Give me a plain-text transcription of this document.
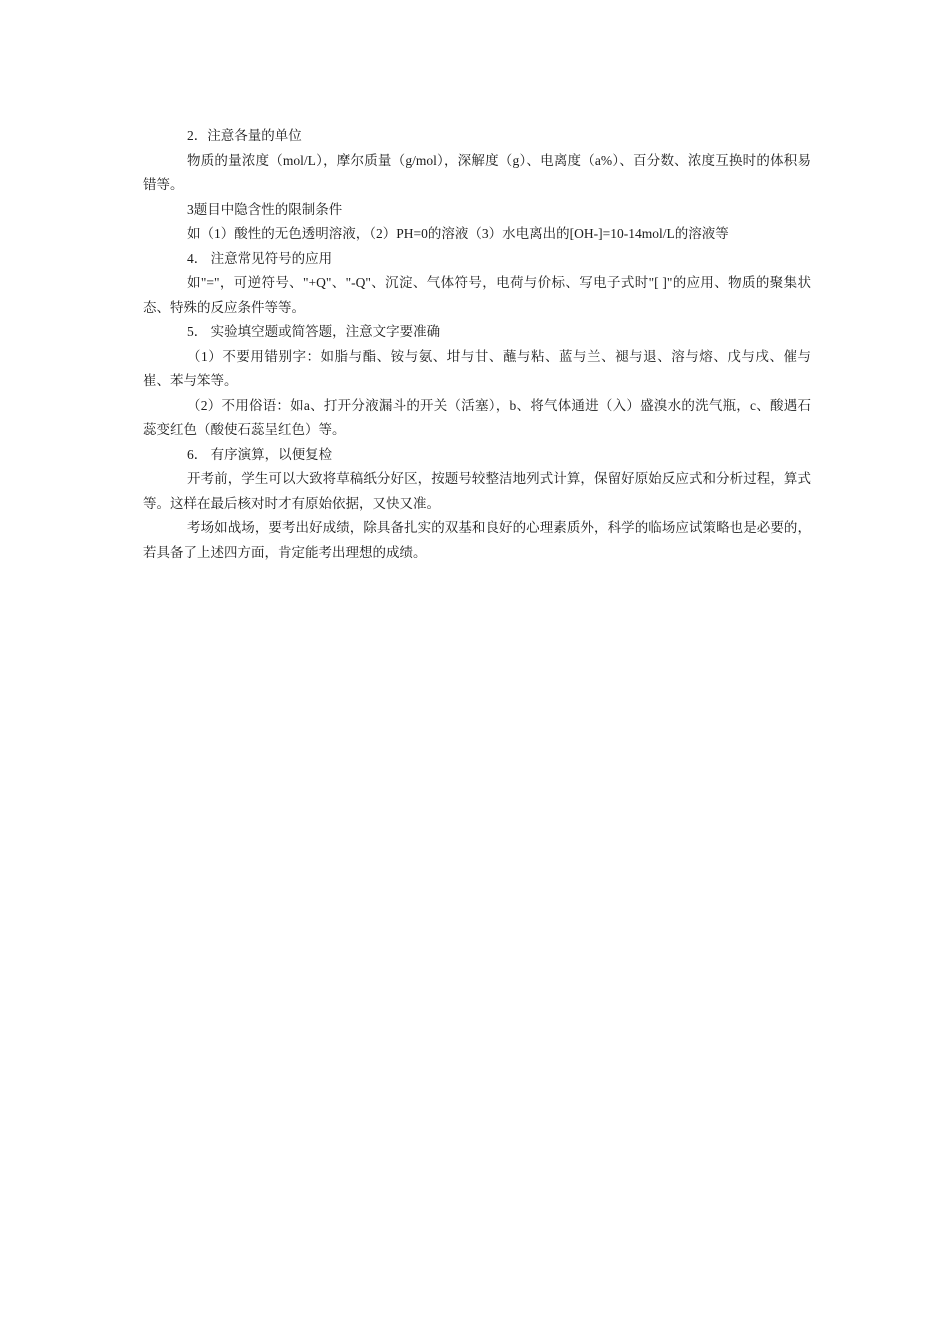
2．注意各量的单位

物质的量浓度（mol/L），摩尔质量（g/mol），深解度（g）、电离度（a%）、百分数、浓度互换时的体积易错等。

3题目中隐含性的限制条件

如（1）酸性的无色透明溶液，（2）PH=0的溶液（3）水电离出的[OH-]=10-14mol/L的溶液等

4． 注意常见符号的应用

如"="，可逆符号、"+Q"、"-Q"、沉淀、气体符号，电荷与价标、写电子式时"[ ]"的应用、物质的聚集状态、特殊的反应条件等等。

5． 实验填空题或简答题，注意文字要准确

（1）不要用错别字：如脂与酯、铵与氨、坩与甘、蘸与粘、蓝与兰、褪与退、溶与熔、戊与戌、催与崔、苯与笨等。

（2）不用俗语：如a、打开分液漏斗的开关（活塞），b、将气体通进（入）盛溴水的洗气瓶，c、酸遇石蕊变红色（酸使石蕊呈红色）等。

6． 有序演算，以便复检

开考前，学生可以大致将草稿纸分好区，按题号较整洁地列式计算，保留好原始反应式和分析过程，算式等。这样在最后核对时才有原始依据，又快又准。

考场如战场，要考出好成绩，除具备扎实的双基和良好的心理素质外，科学的临场应试策略也是必要的，若具备了上述四方面，肯定能考出理想的成绩。
